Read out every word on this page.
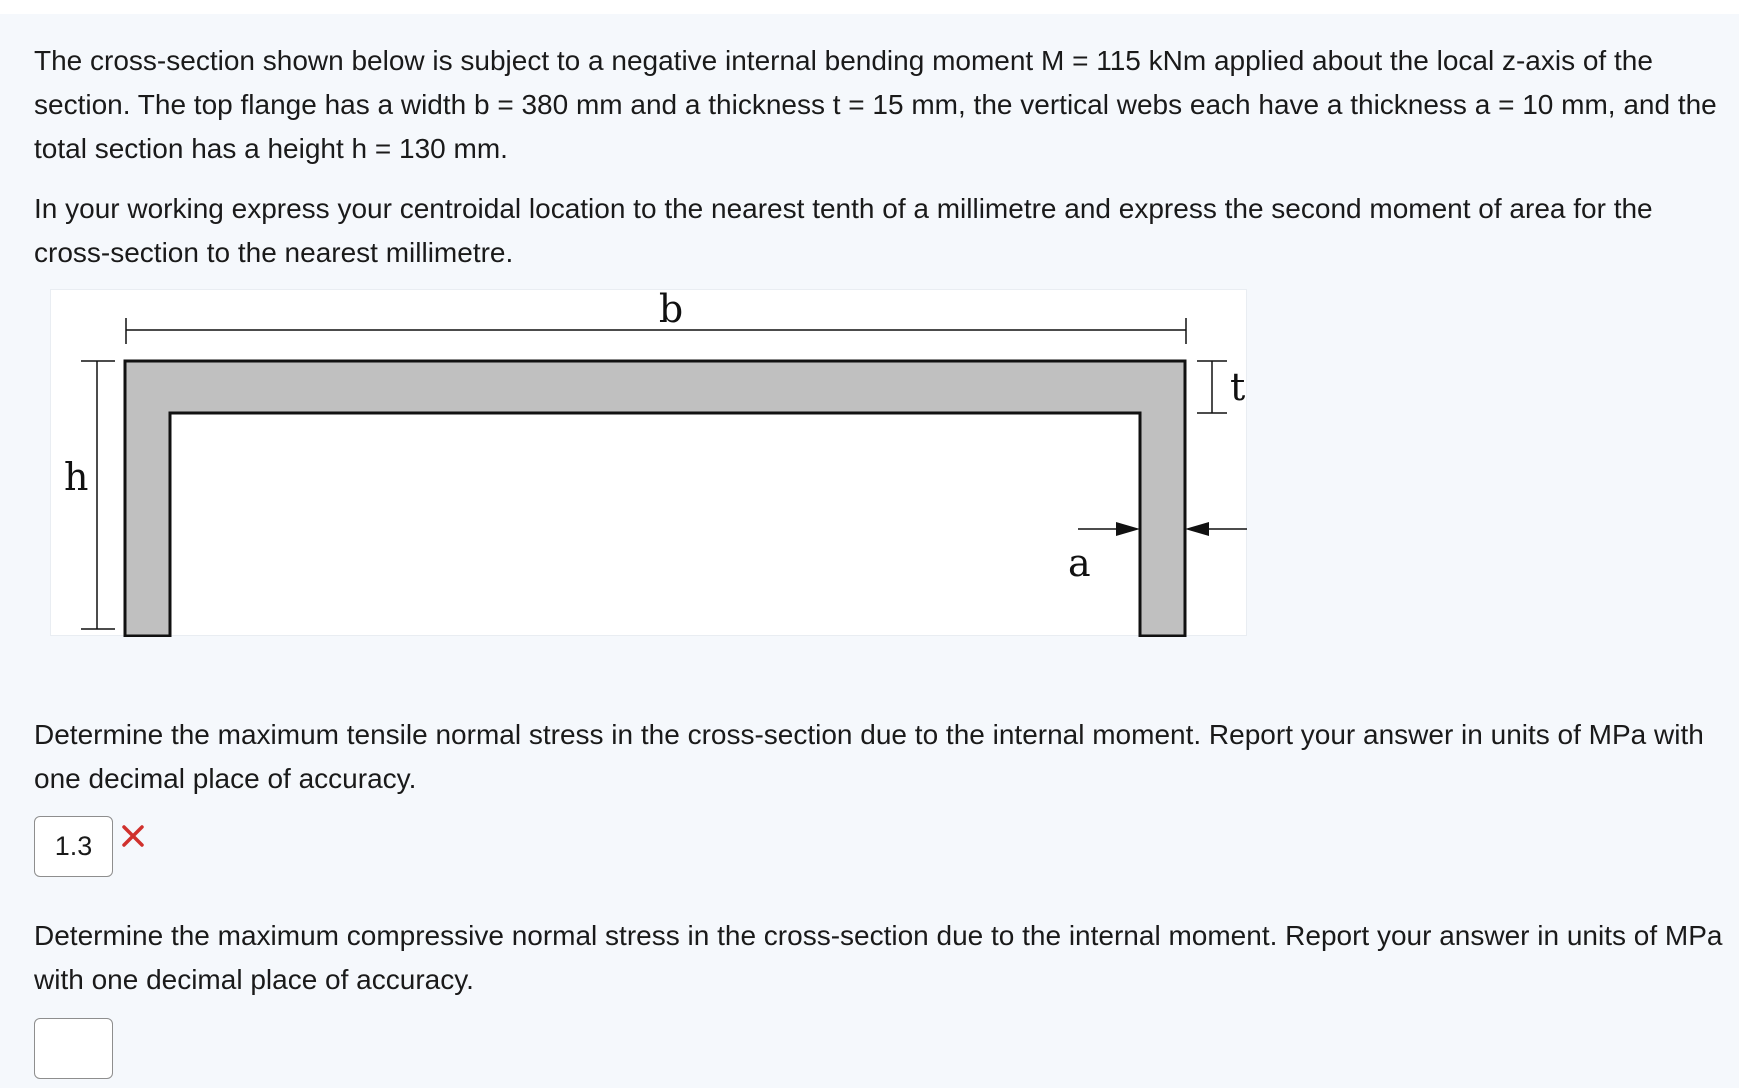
The cross-section shown below is subject to a negative internal bending moment M = 115 kNm applied about the local z-axis of the section. The top flange has a width b = 380 mm and a thickness t = 15 mm, the vertical webs each have a thickness a = 10 mm, and the total section has a height h = 130 mm.

In your working express your centroidal location to the nearest tenth of a millimetre and express the second moment of area for the cross-section to the nearest millimetre.

b
h
t
a

Determine the maximum tensile normal stress in the cross-section due to the internal moment. Report your answer in units of MPa with one decimal place of accuracy.

1.3

Determine the maximum compressive normal stress in the cross-section due to the internal moment. Report your answer in units of MPa with one decimal place of accuracy.
